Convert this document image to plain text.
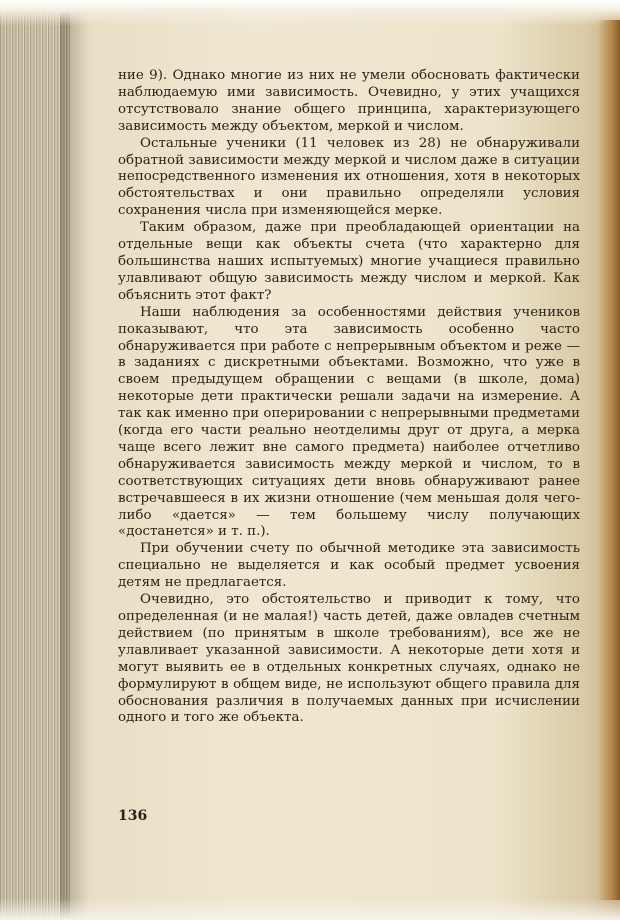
ние 9). Однако многие из них не умели обосновать фактически наблюдаемую ими зависимость. Очевидно, у этих учащихся отсутствовало знание общего принципа, характеризующего зависимость между объектом, меркой и числом.

Остальные ученики (11 человек из 28) не обнаруживали обратной зависимости между меркой и числом даже в ситуации непосредственного изменения их отношения, хотя в некоторых обстоятельствах и они правильно определяли условия сохранения числа при изменяющейся мерке.

Таким образом, даже при преобладающей ориентации на отдельные вещи как объекты счета (что характерно для большинства наших испытуемых) многие учащиеся правильно улавливают общую зависимость между числом и меркой. Как объяснить этот факт?

Наши наблюдения за особенностями действия учеников показывают, что эта зависимость особенно часто обнаруживается при работе с непрерывным объектом и реже — в заданиях с дискретными объектами. Возможно, что уже в своем предыдущем обращении с вещами (в школе, дома) некоторые дети практически решали задачи на измерение. А так как именно при оперировании с непрерывными предметами (когда его части реально неотделимы друг от друга, а мерка чаще всего лежит вне самого предмета) наиболее отчетливо обнаруживается зависимость между меркой и числом, то в соответствующих ситуациях дети вновь обнаруживают ранее встречавшееся в их жизни отношение (чем меньшая доля чего-либо «дается» — тем большему числу получающих «достанется» и т. п.).

При обучении счету по обычной методике эта зависимость специально не выделяется и как особый предмет усвоения детям не предлагается.

Очевидно, это обстоятельство и приводит к тому, что определенная (и не малая!) часть детей, даже овладев счетным действием (по принятым в школе требованиям), все же не улавливает указанной зависимости. А некоторые дети хотя и могут выявить ее в отдельных конкретных случаях, однако не формулируют в общем виде, не используют общего правила для обоснования различия в получаемых данных при исчислении одного и того же объекта.

136
